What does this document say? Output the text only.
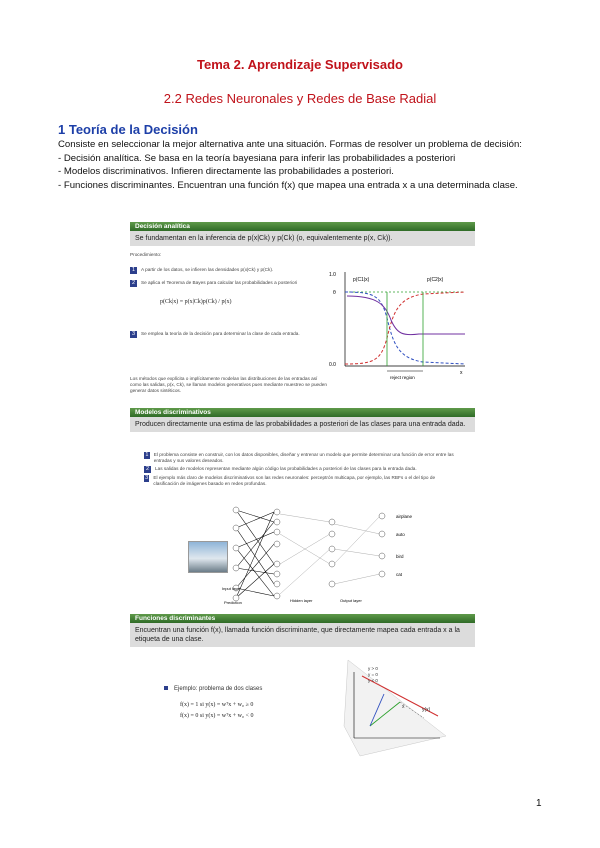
Tema 2. Aprendizaje Supervisado
2.2 Redes Neuronales y Redes de Base Radial
1 Teoría de la Decisión

Consiste en seleccionar la mejor alternativa ante una situación. Formas de resolver un problema de decisión:

- Decisión analítica. Se basa en la teoría bayesiana para inferir las probabilidades a posteriori

- Modelos discriminativos. Infieren directamente las probabilidades a posteriori.

- Funciones discriminantes. Encuentran una función f(x) que mapea una entrada x a una determinada clase.

Decisión analítica
Se fundamentan en la inferencia de p(x|Ck) y p(Ck) (o, equivalentemente p(x, Ck)).
Procedimiento:
1	A partir de los datos, se infieren las densidades p(x|Ck) y p(Ck).
2	Se aplica el Teorema de Bayes para calcular las probabilidades a posteriori
p(Ck|x) = p(x|Ck)p(Ck) / p(x)
3	Se emplea la teoría de la decisión para determinar la clase de cada entrada.
Los métodos que explícita o implícitamente modelan las distribuciones de las entradas así como las salidas, p(x, Ck), se llaman modelos generativos pues mediante muestreo se pueden generar datos sintéticos.
p(C1|x)	p(C2|x)
1.0
θ
0.0
x
reject region
Modelos discriminativos
Producen directamente una estima de las probabilidades a posteriori de las clases para una entrada dada.
1 El problema consiste en construir, con los datos disponibles, diseñar y entrenar un modelo que permite determinar una función de error entre las entradas y sus valores deseados.
2	Las salidas de modelos representan mediante algún código las probabilidades a posteriori de las clases para la entrada dada.
3 El ejemplo más claro de modelos discriminativos son las redes neuronales: perceptrón multicapa, por ejemplo, las RBFs o el del tipo de clasificación de imágenes basado en redes profundas.
airplane
auto
bird
cat
Input layer
Hidden layer	Output layer
Prediction
Funciones discriminantes
Encuentran una función f(x), llamada función discriminante, que directamente mapea cada entrada x a la etiqueta de una clase.
Ejemplo: problema de dos clases
f(x) = 1 si y(x) = wᵀx + w₀ ≥ 0
f(x) = 0 si y(x) = wᵀx + w₀ < 0
y(x)
x
y > 0
y = 0
y < 0
1
